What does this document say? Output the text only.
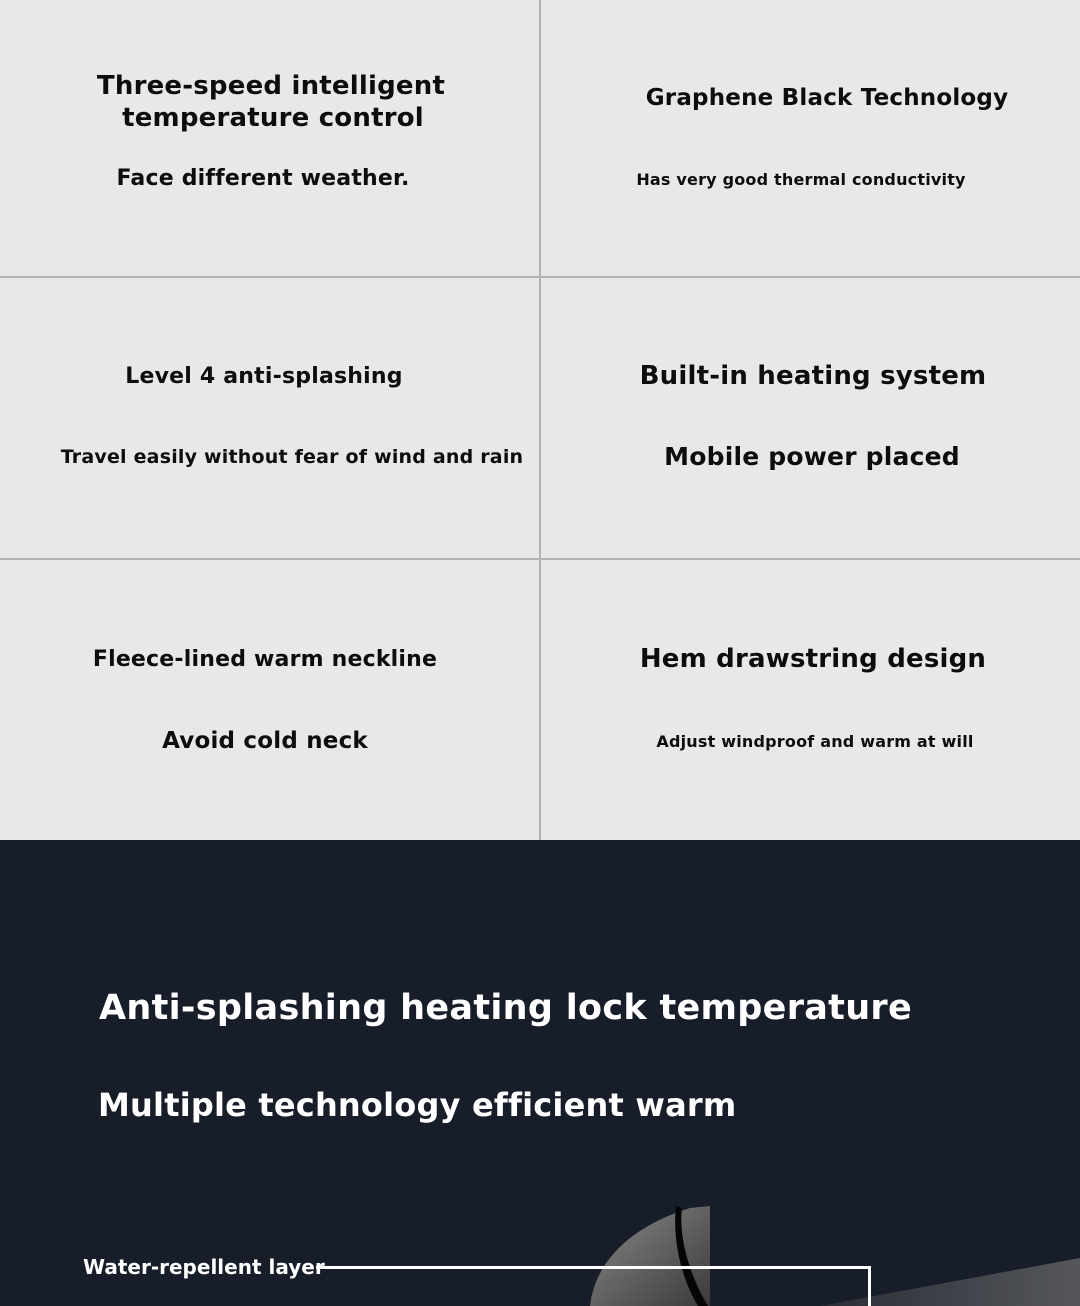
Three-speed intelligent
temperature control
Face different weather.
Graphene Black Technology
Has very good thermal conductivity
Level 4 anti-splashing
Travel easily without fear of wind and rain
Built-in heating system
Mobile power placed
Fleece-lined warm neckline
Avoid cold neck
Hem drawstring design
Adjust windproof and warm at will
Anti-splashing heating lock temperature
Multiple technology efficient warm
Water-repellent layer
